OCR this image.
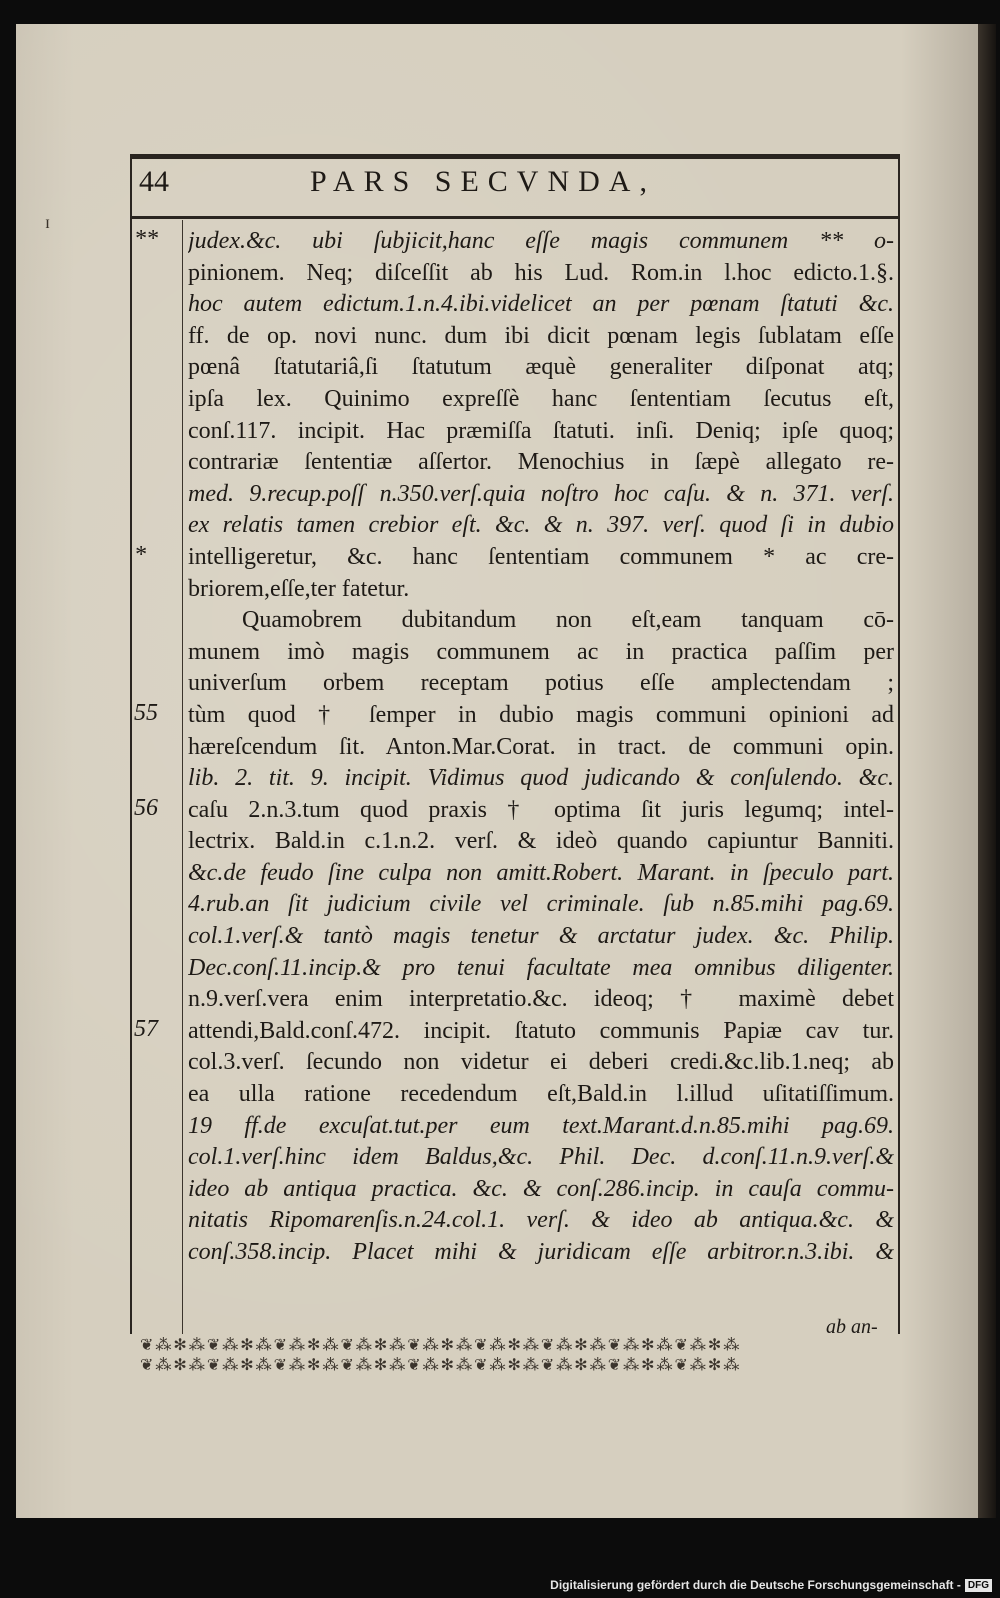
ɪ
44	PARS SECVNDA,
**
*
55
56
57
judex.&c. ubi ſubjicit,hanc eſſe magis communem ** o-
pinionem. Neq; diſceſſit ab his Lud. Rom.in l.hoc edicto.1.§.
hoc autem edictum.1.n.4.ibi.videlicet an per pœnam ſtatuti &c.
ff. de op. novi nunc. dum ibi dicit pœnam legis ſublatam eſſe
pœnâ ſtatutariâ,ſi ſtatutum æquè generaliter diſponat atq;
ipſa lex. Quinimo expreſſè hanc ſententiam ſecutus eſt,
conſ.117. incipit. Hac præmiſſa ſtatuti. inſi. Deniq; ipſe quoq;
contrariæ ſententiæ aſſertor. Menochius in ſæpè allegato re-
med. 9.recup.poſſ n.350.verſ.quia noſtro hoc caſu. & n. 371. verſ.
ex relatis tamen crebior eſt. &c. & n. 397. verſ. quod ſi in dubio
intelligeretur, &c. hanc ſententiam communem * ac cre-
briorem,eſſe,ter fatetur.
Quamobrem dubitandum non eſt,eam tanquam cō-
munem imò magis communem ac in practica paſſim per
univerſum orbem receptam potius eſſe amplectendam ;
tùm quod † ſemper in dubio magis communi opinioni ad
hæreſcendum ſit. Anton.Mar.Corat. in tract. de communi opin.
lib. 2. tit. 9. incipit. Vidimus quod judicando & conſulendo. &c.
caſu 2.n.3.tum quod praxis † optima ſit juris legumq; intel-
lectrix. Bald.in c.1.n.2. verſ. & ideò quando capiuntur Banniti.
&c.de feudo ſine culpa non amitt.Robert. Marant. in ſpeculo part.
4.rub.an ſit judicium civile vel criminale. ſub n.85.mihi pag.69.
col.1.verſ.& tantò magis tenetur & arctatur judex. &c. Philip.
Dec.conſ.11.incip.& pro tenui facultate mea omnibus diligenter.
n.9.verſ.vera enim interpretatio.&c. ideoq; † maximè debet
attendi,Bald.conſ.472. incipit. ſtatuto communis Papiæ cav tur.
col.3.verſ. ſecundo non videtur ei deberi credi.&c.lib.1.neq; ab
ea ulla ratione recedendum eſt,Bald.in l.illud uſitatiſſimum.
19 ff.de excuſat.tut.per eum text.Marant.d.n.85.mihi pag.69.
col.1.verſ.hinc idem Baldus,&c. Phil. Dec. d.conſ.11.n.9.verſ.&
ideo ab antiqua practica. &c. & conſ.286.incip. in cauſa commu-
nitatis Ripomarenſis.n.24.col.1. verſ. & ideo ab antiqua.&c. &
conſ.358.incip. Placet mihi & juridicam eſſe arbitror.n.3.ibi. &
ab an-
❦⁂✻⁂❦⁂✻⁂❦⁂✻⁂❦⁂✻⁂❦⁂✻⁂❦⁂✻⁂❦⁂✻⁂❦⁂✻⁂❦⁂✻⁂
❦⁂✻⁂❦⁂✻⁂❦⁂✻⁂❦⁂✻⁂❦⁂✻⁂❦⁂✻⁂❦⁂✻⁂❦⁂✻⁂❦⁂✻⁂
Digitalisierung gefördert durch die Deutsche Forschungsgemeinschaft - DFG
